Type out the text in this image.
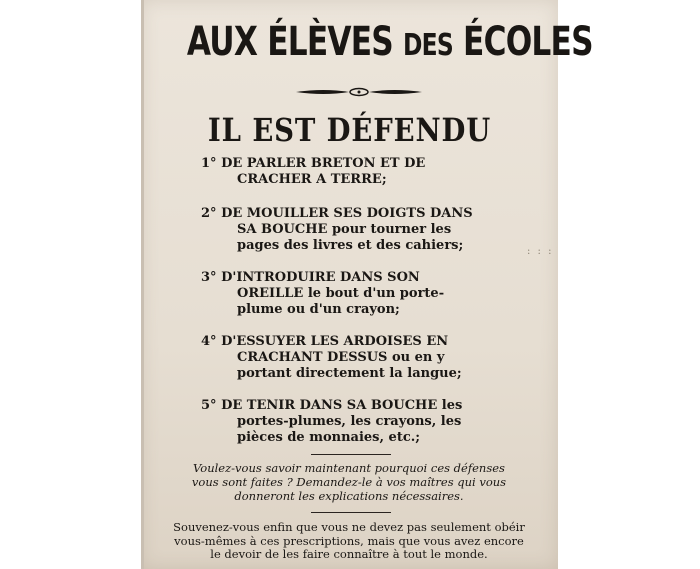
AUX ÉLÈVES DES ÉCOLES
IL EST DÉFENDU
1° DE PARLER BRETON ET DE
CRACHER A TERRE;
2° DE MOUILLER SES DOIGTS DANS
SA BOUCHE pour tourner les
pages des livres et des cahiers;
3° D'INTRODUIRE DANS SON
OREILLE le bout d'un porte-
plume ou d'un crayon;
4° D'ESSUYER LES ARDOISES EN
CRACHANT DESSUS ou en y
portant directement la langue;
5° DE TENIR DANS SA BOUCHE les
portes-plumes, les crayons, les
pièces de monnaies, etc.;
Voulez-vous savoir maintenant pourquoi ces défenses
vous sont faites ? Demandez-le à vos maîtres qui vous
donneront les explications nécessaires.
Souvenez-vous enfin que vous ne devez pas seulement obéir
vous-mêmes à ces prescriptions, mais que vous avez encore
le devoir de les faire connaître à tout le monde.
: : :
